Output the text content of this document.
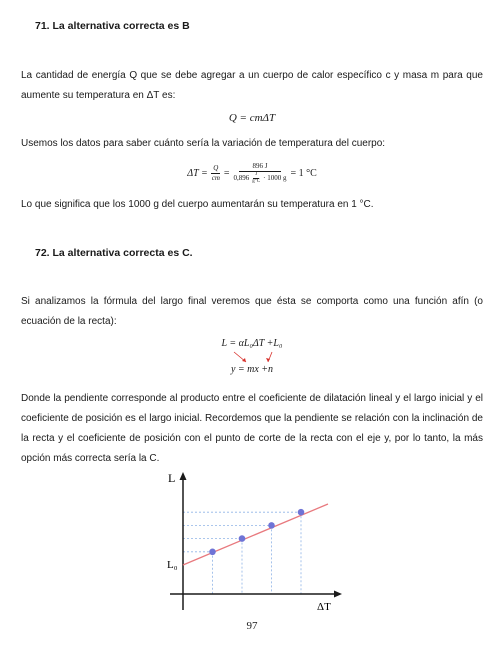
71. La alternativa correcta es B
La cantidad de energía Q que se debe agregar a un cuerpo de calor específico c y masa m para que aumente su temperatura en ΔT es:
Q = cmΔT
Usemos los datos para saber cuánto sería la variación de temperatura del cuerpo:
$\Delta T = \frac{Q}{cm} = \frac{896 J}{0,896 \frac{J}{g^\circ C} \cdot 1000 g} = 1$ °C
Lo que significa que los 1000 g del cuerpo aumentarán su temperatura en 1 °C.
72. La alternativa correcta es C.
Si analizamos la fórmula del largo final veremos que ésta se comporta como una función afín (o ecuación de la recta):
L = αL₀ΔT +L₀
y = mx +n
Donde la pendiente corresponde al producto entre el coeficiente de dilatación lineal y el largo inicial y el coeficiente de posición es el largo inicial. Recordemos que la pendiente se relación con la inclinación de la recta y el coeficiente de posición con el punto de corte de la recta con el eje y, por lo tanto, la más opción más correcta sería la C.
L
ΔT
L₀
97
